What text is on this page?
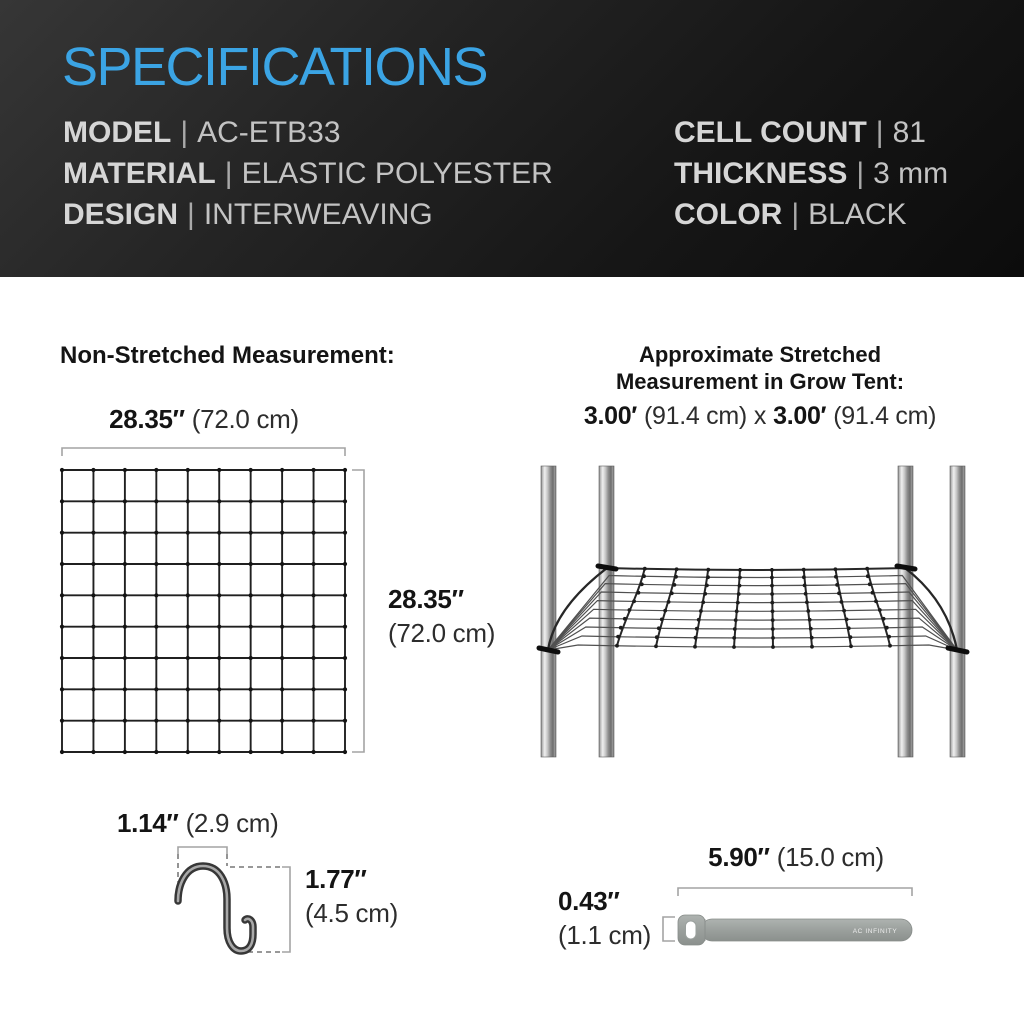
SPECIFICATIONS
MODEL | AC-ETB33
MATERIAL | ELASTIC POLYESTER
DESIGN | INTERWEAVING
CELL COUNT | 81
THICKNESS | 3 mm
COLOR | BLACK
Non-Stretched Measurement:
28.35″ (72.0 cm)
28.35″
(72.0 cm)
Approximate Stretched
Measurement in Grow Tent:
3.00′ (91.4 cm) x 3.00′ (91.4 cm)
1.14″ (2.9 cm)
1.77″
(4.5 cm)
5.90″ (15.0 cm)
0.43″
(1.1 cm)	AC INFINITY
